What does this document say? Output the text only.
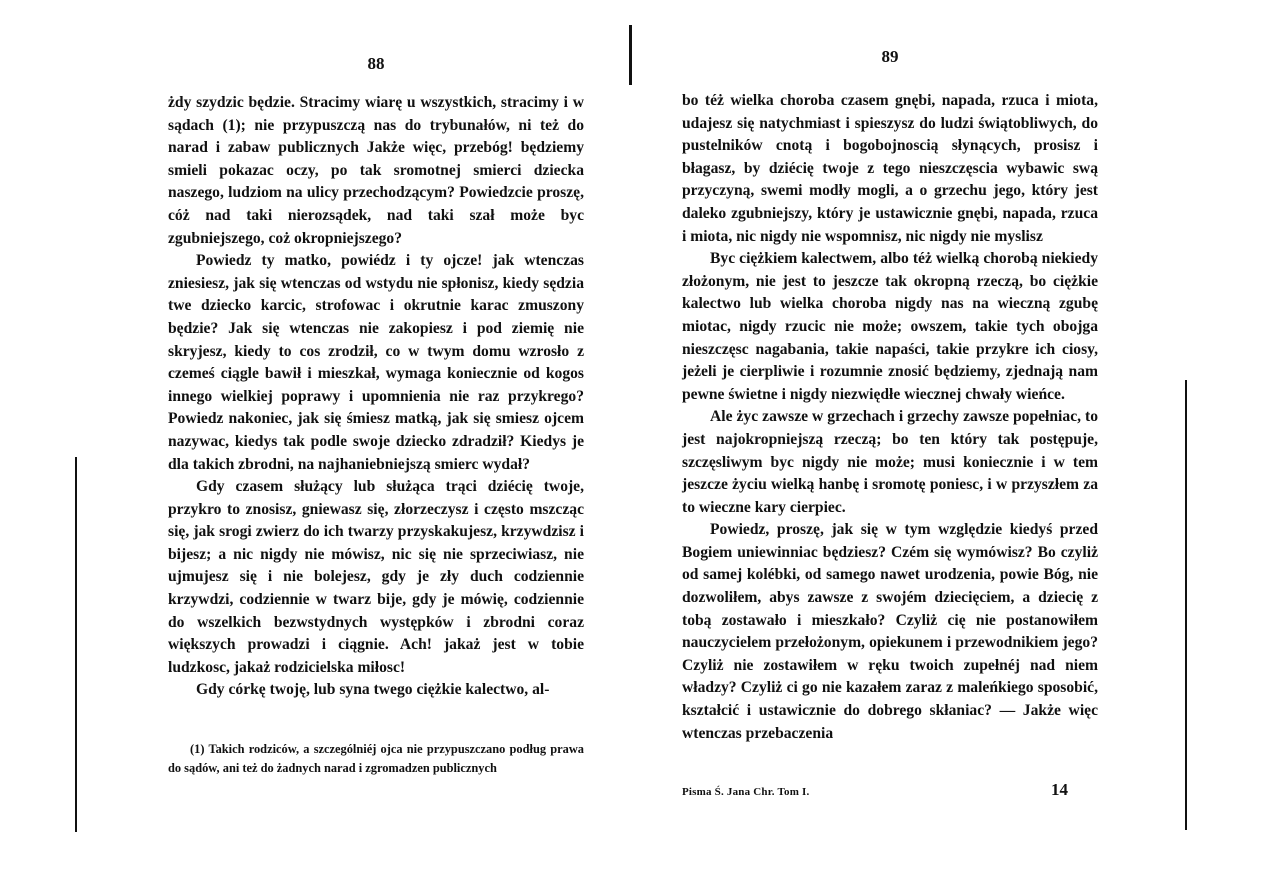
88

żdy szydzic będzie. Stracimy wiarę u wszystkich, stracimy i w sądach (1); nie przypuszczą nas do trybunałów, ni też do narad i zabaw publicznych Jakże więc, przebóg! będziemy smieli pokazac oczy, po tak sromotnej smierci dziecka naszego, ludziom na ulicy przechodzącym? Powiedzcie proszę, cóż nad taki nierozsądek, nad taki szał może byc zgubniejszego, coż okropniejszego?

Powiedz ty matko, powiédz i ty ojcze! jak wtenczas zniesiesz, jak się wtenczas od wstydu nie spłonisz, kiedy sędzia twe dziecko karcic, strofowac i okrutnie karac zmuszony będzie? Jak się wtenczas nie zakopiesz i pod ziemię nie skryjesz, kiedy to cos zrodził, co w twym domu wzrosło z czemeś ciągle bawił i mieszkał, wymaga koniecznie od kogos innego wielkiej poprawy i upomnienia nie raz przykrego? Powiedz nakoniec, jak się śmiesz matką, jak się smiesz ojcem nazywac, kiedys tak podle swoje dziecko zdradził? Kiedys je dla takich zbrodni, na najhaniebniejszą smierc wydał?

Gdy czasem służący lub służąca trąci dziécię twoje, przykro to znosisz, gniewasz się, złorzeczysz i często mszcząc się, jak srogi zwierz do ich twarzy przyskakujesz, krzywdzisz i bijesz; a nic nigdy nie mówisz, nic się nie sprzeciwiasz, nie ujmujesz się i nie bolejesz, gdy je zły duch codziennie krzywdzi, codziennie w twarz bije, gdy je mówię, codziennie do wszelkich bezwstydnych występków i zbrodni coraz większych prowadzi i ciągnie. Ach! jakaż jest w tobie ludzkosc, jakaż rodzicielska miłosc!

Gdy córkę twoję, lub syna twego ciężkie kalectwo, al-

(1) Takich rodziców, a szczególniéj ojca nie przypuszczano podług prawa do sądów, ani też do żadnych narad i zgromadzen publicznych

89

bo téż wielka choroba czasem gnębi, napada, rzuca i miota, udajesz się natychmiast i spieszysz do ludzi świątobliwych, do pustelników cnotą i bogobojnoscią słynących, prosisz i błagasz, by dziécię twoje z tego nieszczęscia wybawic swą przyczyną, swemi modły mogli, a o grzechu jego, który jest daleko zgubniejszy, który je ustawicznie gnębi, napada, rzuca i miota, nic nigdy nie wspomnisz, nic nigdy nie myslisz

Byc ciężkiem kalectwem, albo téż wielką chorobą niekiedy złożonym, nie jest to jeszcze tak okropną rzeczą, bo ciężkie kalectwo lub wielka choroba nigdy nas na wieczną zgubę miotac, nigdy rzucic nie może; owszem, takie tych obojga nieszczęsc nagabania, takie napaści, takie przykre ich ciosy, jeżeli je cierpliwie i rozumnie znosić będziemy, zjednają nam pewne świetne i nigdy niezwiędłe wiecznej chwały wieńce.

Ale życ zawsze w grzechach i grzechy zawsze popełniac, to jest najokropniejszą rzeczą; bo ten który tak postępuje, szczęsliwym byc nigdy nie może; musi koniecznie i w tem jeszcze życiu wielką hanbę i sromotę poniesc, i w przyszłem za to wieczne kary cierpiec.

Powiedz, proszę, jak się w tym względzie kiedyś przed Bogiem uniewinniac będziesz? Czém się wymówisz? Bo czyliż od samej kolébki, od samego nawet urodzenia, powie Bóg, nie dozwoliłem, abys zawsze z swojém dziecięciem, a dziecię z tobą zostawało i mieszkało? Czyliż cię nie postanowiłem nauczycielem przełożonym, opiekunem i przewodnikiem jego? Czyliż nie zostawiłem w ręku twoich zupełnéj nad niem władzy? Czyliż ci go nie kazałem zaraz z maleńkiego sposobić, kształcić i ustawicznie do dobrego skłaniac? — Jakże więc wtenczas przebaczenia

Pisma Ś. Jana Chr. Tom I.	14
